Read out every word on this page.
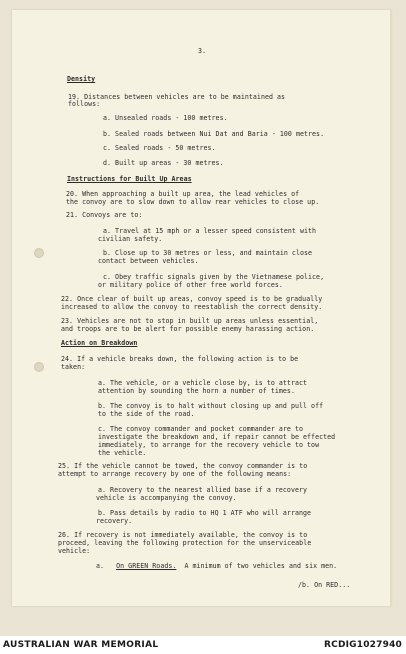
3.
Density
19. Distances between vehicles are to be maintained as
follows:
a. Unsealed roads - 100 metres.
b. Sealed roads between Nui Dat and Baria - 100 metres.
c. Sealed roads - 50 metres.
d. Built up areas - 30 metres.
Instructions for Built Up Areas
20. When approaching a built up area, the lead vehicles of
the convoy are to slow down to allow rear vehicles to close up.
21. Convoys are to:
a. Travel at 15 mph or a lesser speed consistent with
civilian safety.
b. Close up to 30 metres or less, and maintain close
contact between vehicles.
c. Obey traffic signals given by the Vietnamese police,
or military police of other free world forces.
22. Once clear of built up areas, convoy speed is to be gradually
increased to allow the convoy to reestablish the correct density.
23. Vehicles are not to stop in built up areas unless essential,
and troops are to be alert for possible enemy harassing action.
Action on Breakdown
24. If a vehicle breaks down, the following action is to be
taken:
a. The vehicle, or a vehicle close by, is to attract
attention by sounding the horn a number of times.
b. The convoy is to halt without closing up and pull off
to the side of the road.
c. The convoy commander and pocket commander are to
investigate the breakdown and, if repair cannot be effected
immediately, to arrange for the recovery vehicle to tow
the vehicle.
25. If the vehicle cannot be towed, the convoy commander is to
attempt to arrange recovery by one of the following means:
a. Recovery to the nearest allied base if a recovery
vehicle is accompanying the convoy.
b. Pass details by radio to HQ 1 ATF who will arrange
recovery.
26. If recovery is not immediately available, the convoy is to
proceed, leaving the following protection for the unserviceable
vehicle:
a. On GREEN Roads. A minimum of two vehicles and six men.
/b. On RED...
AUSTRALIAN WAR MEMORIAL	RCDIG1027940
